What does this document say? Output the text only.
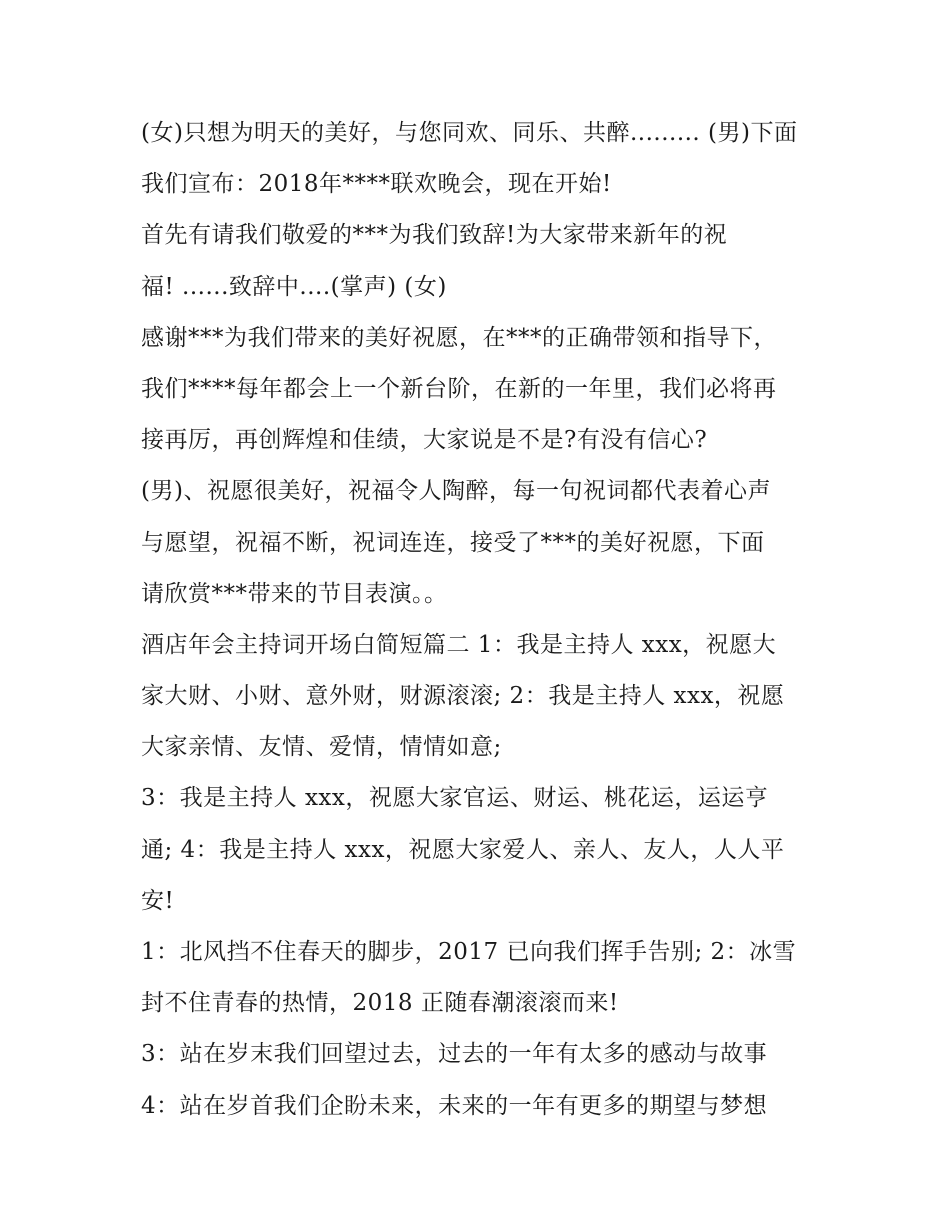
(女)只想为明天的美好，与您同欢、同乐、共醉......... (男)下面
我们宣布：2018年****联欢晚会，现在开始!
首先有请我们敬爱的***为我们致辞!为大家带来新年的祝
福! ......致辞中....(掌声) (女)
感谢***为我们带来的美好祝愿，在***的正确带领和指导下，
我们****每年都会上一个新台阶，在新的一年里，我们必将再
接再厉，再创辉煌和佳绩，大家说是不是?有没有信心?
(男)、祝愿很美好，祝福令人陶醉，每一句祝词都代表着心声
与愿望，祝福不断，祝词连连，接受了***的美好祝愿，下面
请欣赏***带来的节目表演。。
酒店年会主持词开场白简短篇二 1：我是主持人 xxx，祝愿大
家大财、小财、意外财，财源滚滚; 2：我是主持人 xxx，祝愿
大家亲情、友情、爱情，情情如意;
3：我是主持人 xxx，祝愿大家官运、财运、桃花运，运运亨
通; 4：我是主持人 xxx，祝愿大家爱人、亲人、友人，人人平
安!
1：北风挡不住春天的脚步，2017 已向我们挥手告别; 2：冰雪
封不住青春的热情，2018 正随春潮滚滚而来!
3：站在岁末我们回望过去，过去的一年有太多的感动与故事
4：站在岁首我们企盼未来，未来的一年有更多的期望与梦想
